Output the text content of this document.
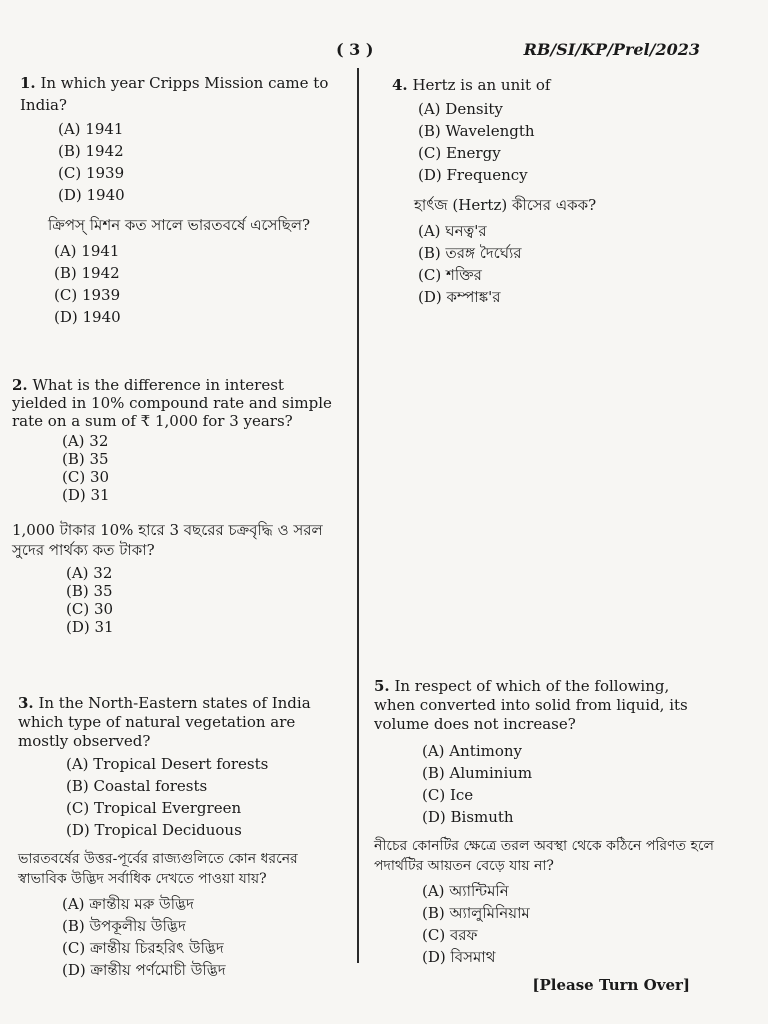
( 3 )	RB/SI/KP/Prel/2023

1. In which year Cripps Mission came to India?

(A) 1941
(B) 1942
(C) 1939
(D) 1940

ক্রিপস্ মিশন কত সালে ভারতবর্ষে এসেছিল?

(A) 1941
(B) 1942
(C) 1939
(D) 1940

2. What is the difference in interest yielded in 10% compound rate and simple rate on a sum of ₹ 1,000 for 3 years?

(A) 32
(B) 35
(C) 30
(D) 31

1,000 টাকার 10% হারে 3 বছরের চক্রবৃদ্ধি ও সরল সুদের পার্থক্য কত টাকা?

(A) 32
(B) 35
(C) 30
(D) 31

3. In the North-Eastern states of India which type of natural vegetation are mostly observed?

(A) Tropical Desert forests
(B) Coastal forests
(C) Tropical Evergreen
(D) Tropical Deciduous

ভারতবর্ষের উত্তর-পূর্বের রাজ্যগুলিতে কোন ধরনের স্বাভাবিক উদ্ভিদ সর্বাধিক দেখতে পাওয়া যায়?

(A) ক্রান্তীয় মরু উদ্ভিদ
(B) উপকূলীয় উদ্ভিদ
(C) ক্রান্তীয় চিরহরিৎ উদ্ভিদ
(D) ক্রান্তীয় পর্ণমোচী উদ্ভিদ

4. Hertz is an unit of

(A) Density
(B) Wavelength
(C) Energy
(D) Frequency

হার্ৎজ (Hertz) কীসের একক?

(A) ঘনত্ব'র
(B) তরঙ্গ দৈর্ঘ্যের
(C) শক্তির
(D) কম্পাঙ্ক'র

5. In respect of which of the following, when converted into solid from liquid, its volume does not increase?

(A) Antimony
(B) Aluminium
(C) Ice
(D) Bismuth

নীচের কোনটির ক্ষেত্রে তরল অবস্থা থেকে কঠিনে পরিণত হলে পদার্থটির আয়তন বেড়ে যায় না?

(A) অ্যান্টিমনি
(B) অ্যালুমিনিয়াম
(C) বরফ
(D) বিসমাথ
[Please Turn Over]
